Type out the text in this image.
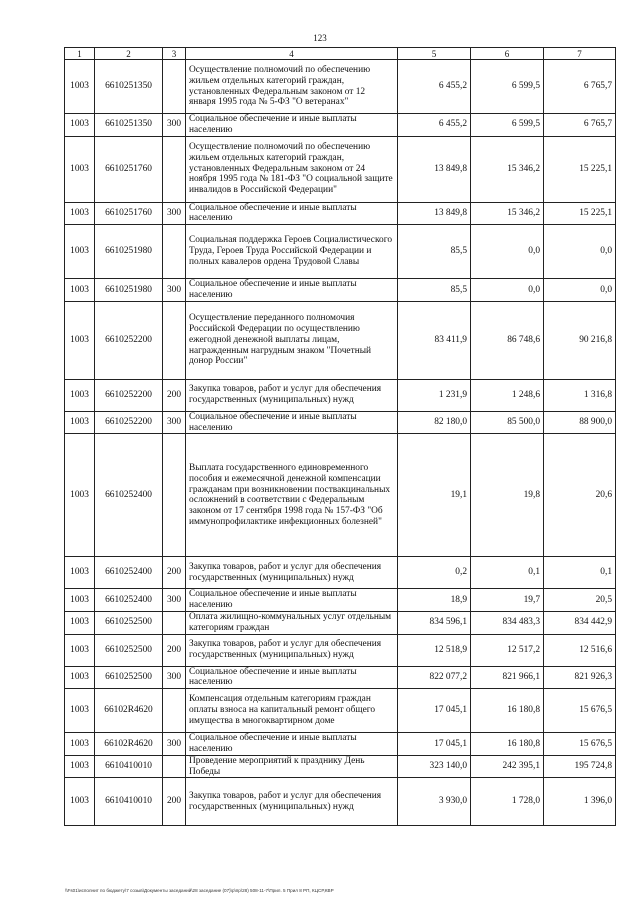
123
1	2	3	4	5	6	7
1003	6610251350		Осуществление полномочий по обеспечению жильем отдельных категорий граждан, установленных Федеральным законом от 12 января 1995 года № 5-ФЗ "О ветеранах"	6 455,2	6 599,5	6 765,7
1003	6610251350	300	Социальное обеспечение и иные выплаты населению	6 455,2	6 599,5	6 765,7
1003	6610251760		Осуществление полномочий по обеспечению жильем отдельных категорий граждан, установленных Федеральным законом от 24 ноября 1995 года № 181-ФЗ "О социальной защите инвалидов в Российской Федерации"	13 849,8	15 346,2	15 225,1
1003	6610251760	300	Социальное обеспечение и иные выплаты населению	13 849,8	15 346,2	15 225,1
1003	6610251980		Социальная поддержка Героев Социалистического Труда, Героев Труда Российской Федерации и полных кавалеров ордена Трудовой Славы	85,5	0,0	0,0
1003	6610251980	300	Социальное обеспечение и иные выплаты населению	85,5	0,0	0,0
1003	6610252200		Осуществление переданного полномочия Российской Федерации по осуществлению ежегодной денежной выплаты лицам, награжденным нагрудным знаком "Почетный донор России"	83 411,9	86 748,6	90 216,8
1003	6610252200	200	Закупка товаров, работ и услуг для обеспечения государственных (муниципальных) нужд	1 231,9	1 248,6	1 316,8
1003	6610252200	300	Социальное обеспечение и иные выплаты населению	82 180,0	85 500,0	88 900,0
1003	6610252400		Выплата государственного единовременного пособия и ежемесячной денежной компенсации гражданам при возникновении поствакцинальных осложнений в соответствии с Федеральным законом от 17 сентября 1998 года № 157-ФЗ "Об иммунопрофилактике инфекционных болезней"	19,1	19,8	20,6
1003	6610252400	200	Закупка товаров, работ и услуг для обеспечения государственных (муниципальных) нужд	0,2	0,1	0,1
1003	6610252400	300	Социальное обеспечение и иные выплаты населению	18,9	19,7	20,5
1003	6610252500		Оплата жилищно-коммунальных услуг отдельным категориям граждан	834 596,1	834 483,3	834 442,9
1003	6610252500	200	Закупка товаров, работ и услуг для обеспечения государственных (муниципальных) нужд	12 518,9	12 517,2	12 516,6
1003	6610252500	300	Социальное обеспечение и иные выплаты населению	822 077,2	821 966,1	821 926,3
1003	66102R4620		Компенсация отдельным категориям граждан оплаты взноса на капитальный ремонт общего имущества в многоквартирном доме	17 045,1	16 180,8	15 676,5
1003	66102R4620	300	Социальное обеспечение и иные выплаты населению	17 045,1	16 180,8	15 676,5
1003	6610410010		Проведение мероприятий к празднику День Победы	323 140,0	242 395,1	195 724,8
1003	6610410010	200	Закупка товаров, работ и услуг для обеспечения государственных (муниципальных) нужд	3 930,0	1 728,0	1 396,0
\\Fs01\исполнит по бюджету\7 созыв\Документы заседаний\28 заседание (07)\р\пр\28) 508-11-7\Прил. 5 Прил 8 РП, КЦСР,КВР
